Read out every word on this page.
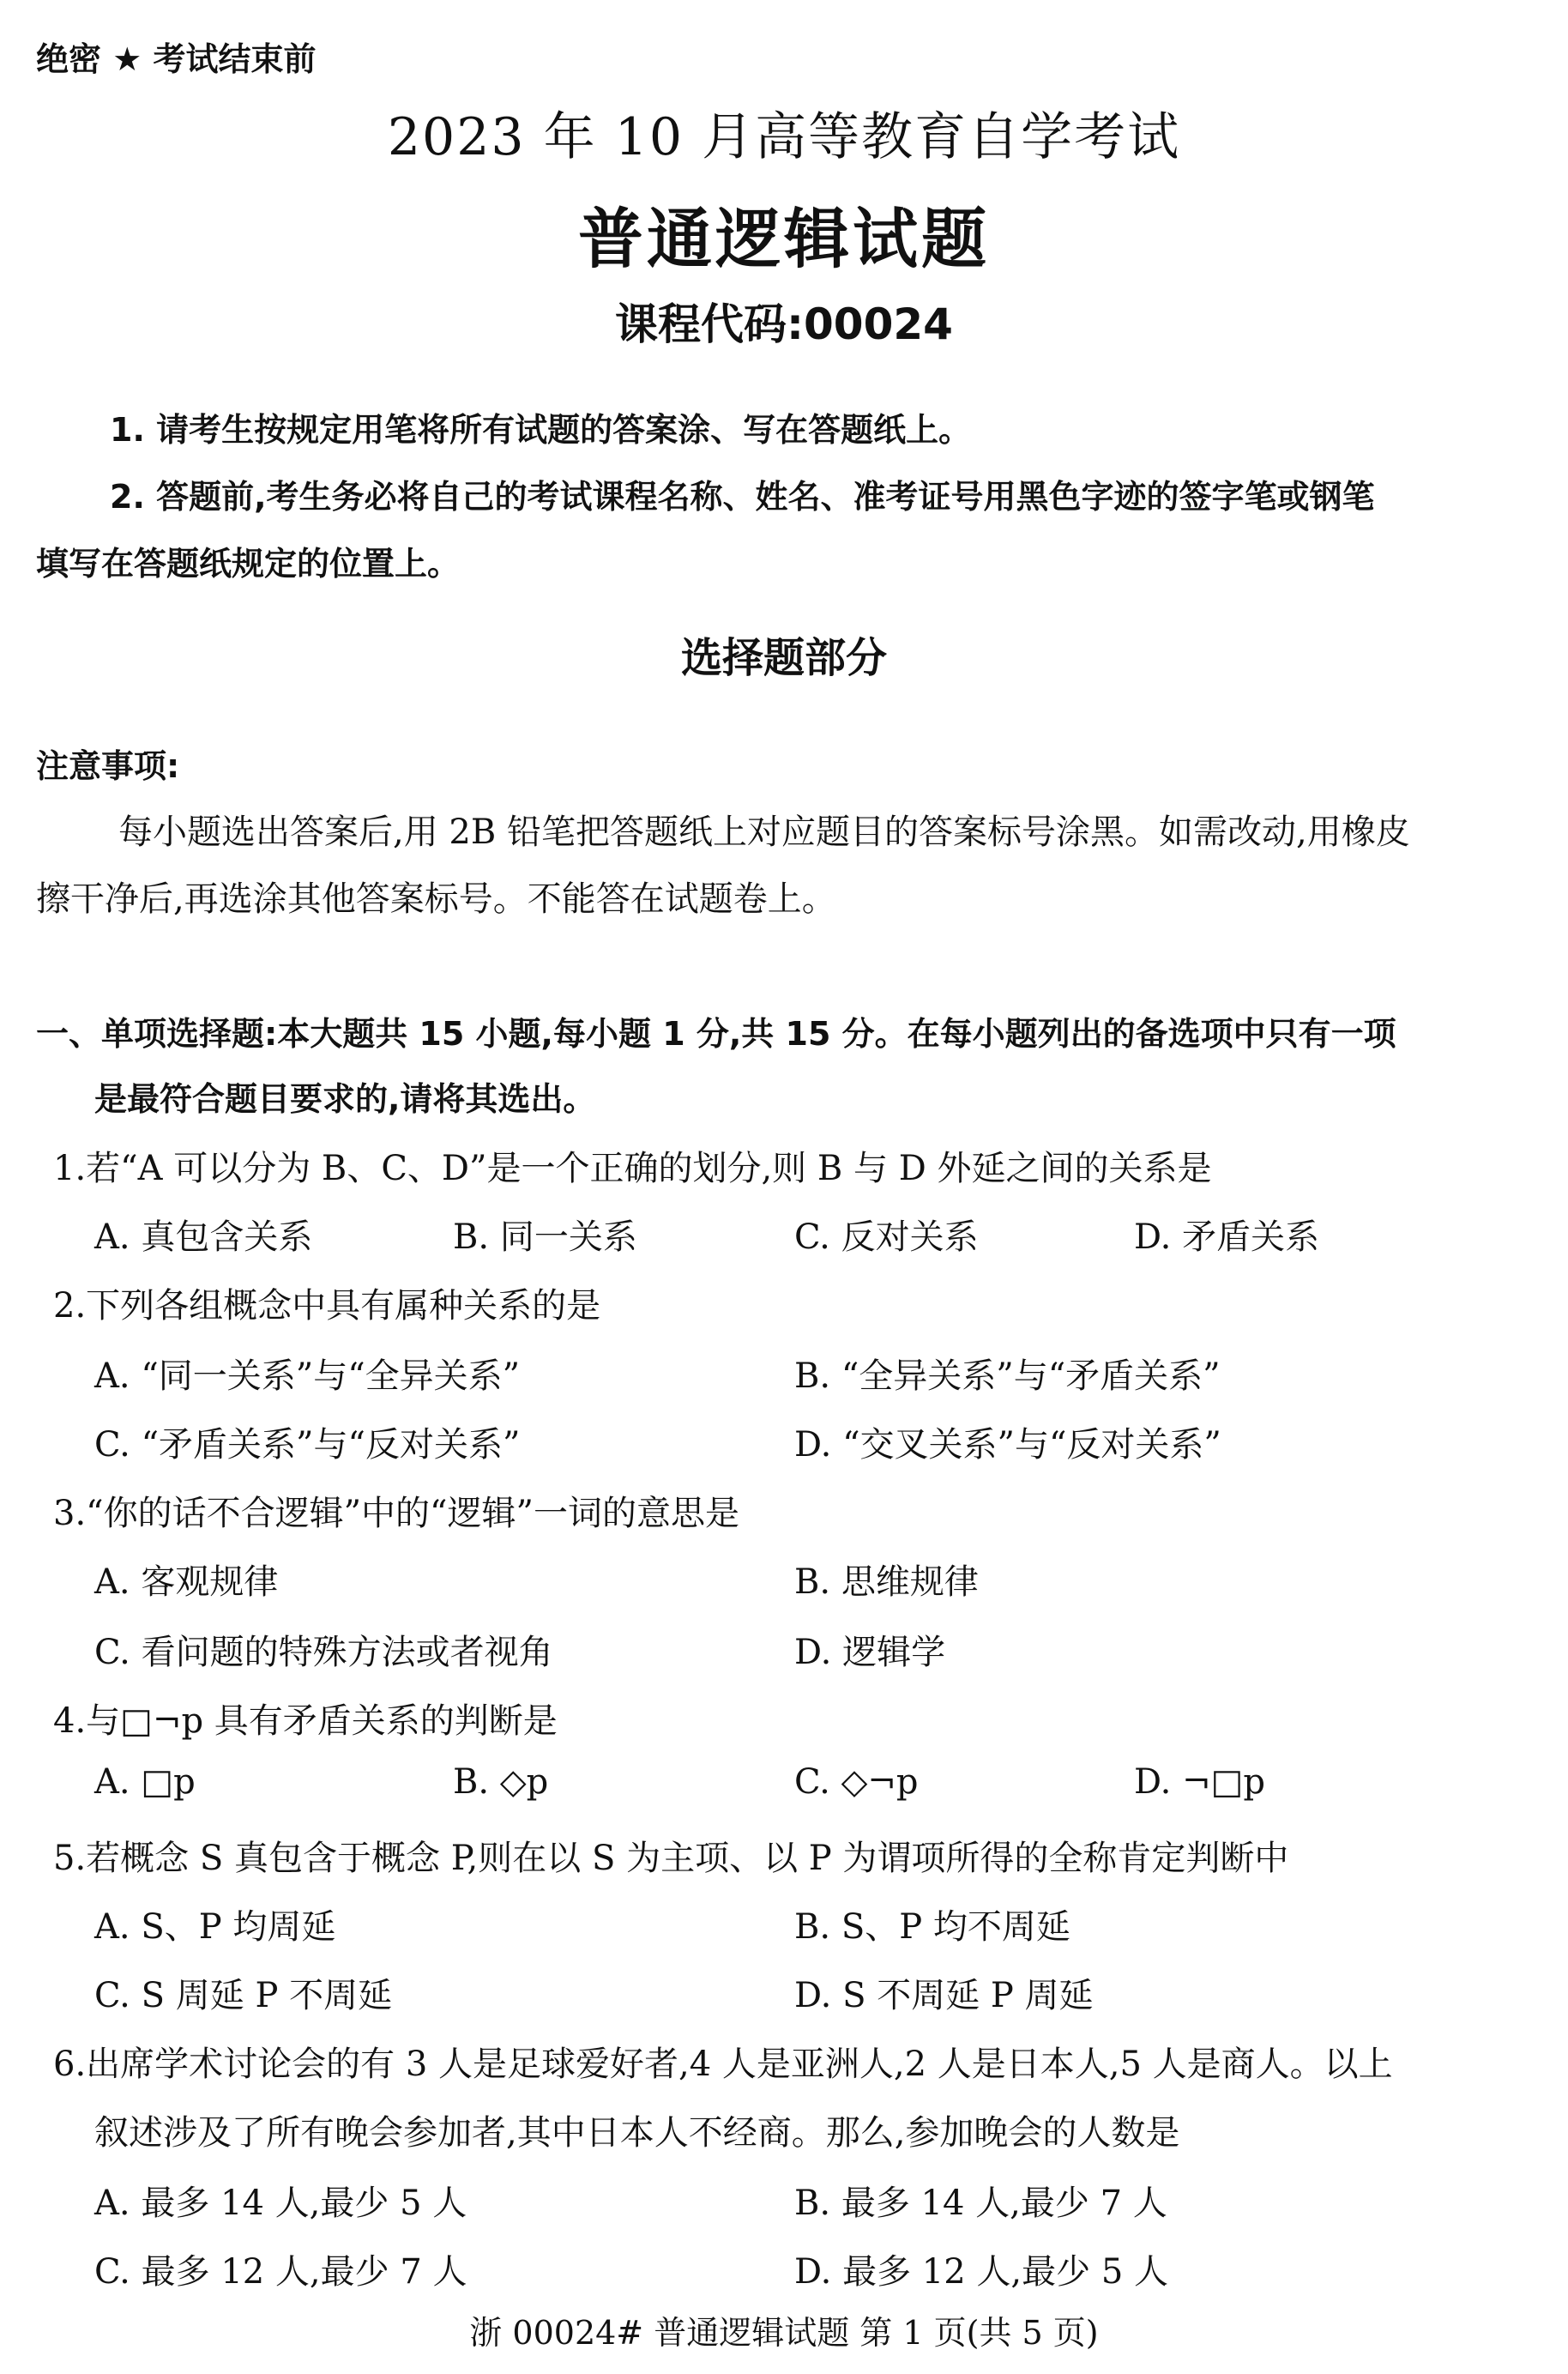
绝密 ★ 考试结束前
2023 年 10 月高等教育自学考试
普通逻辑试题
课程代码:00024
1. 请考生按规定用笔将所有试题的答案涂、写在答题纸上。
2. 答题前,考生务必将自己的考试课程名称、姓名、准考证号用黑色字迹的签字笔或钢笔
填写在答题纸规定的位置上。
选择题部分
注意事项:
每小题选出答案后,用 2B 铅笔把答题纸上对应题目的答案标号涂黑。如需改动,用橡皮
擦干净后,再选涂其他答案标号。不能答在试题卷上。
一、单项选择题:本大题共 15 小题,每小题 1 分,共 15 分。在每小题列出的备选项中只有一项
是最符合题目要求的,请将其选出。
1.若“A 可以分为 B、C、D”是一个正确的划分,则 B 与 D 外延之间的关系是
A. 真包含关系	B. 同一关系	C. 反对关系	D. 矛盾关系
2.下列各组概念中具有属种关系的是
A. “同一关系”与“全异关系”	B. “全异关系”与“矛盾关系”
C. “矛盾关系”与“反对关系”	D. “交叉关系”与“反对关系”
3.“你的话不合逻辑”中的“逻辑”一词的意思是
A. 客观规律	B. 思维规律
C. 看问题的特殊方法或者视角	D. 逻辑学
4.与□¬p 具有矛盾关系的判断是
A. □p	B. ◇p	C. ◇¬p	D. ¬□p
5.若概念 S 真包含于概念 P,则在以 S 为主项、以 P 为谓项所得的全称肯定判断中
A. S、P 均周延	B. S、P 均不周延
C. S 周延 P 不周延	D. S 不周延 P 周延
6.出席学术讨论会的有 3 人是足球爱好者,4 人是亚洲人,2 人是日本人,5 人是商人。以上
叙述涉及了所有晚会参加者,其中日本人不经商。那么,参加晚会的人数是
A. 最多 14 人,最少 5 人	B. 最多 14 人,最少 7 人
C. 最多 12 人,最少 7 人	D. 最多 12 人,最少 5 人
浙 00024# 普通逻辑试题 第 1 页(共 5 页)
